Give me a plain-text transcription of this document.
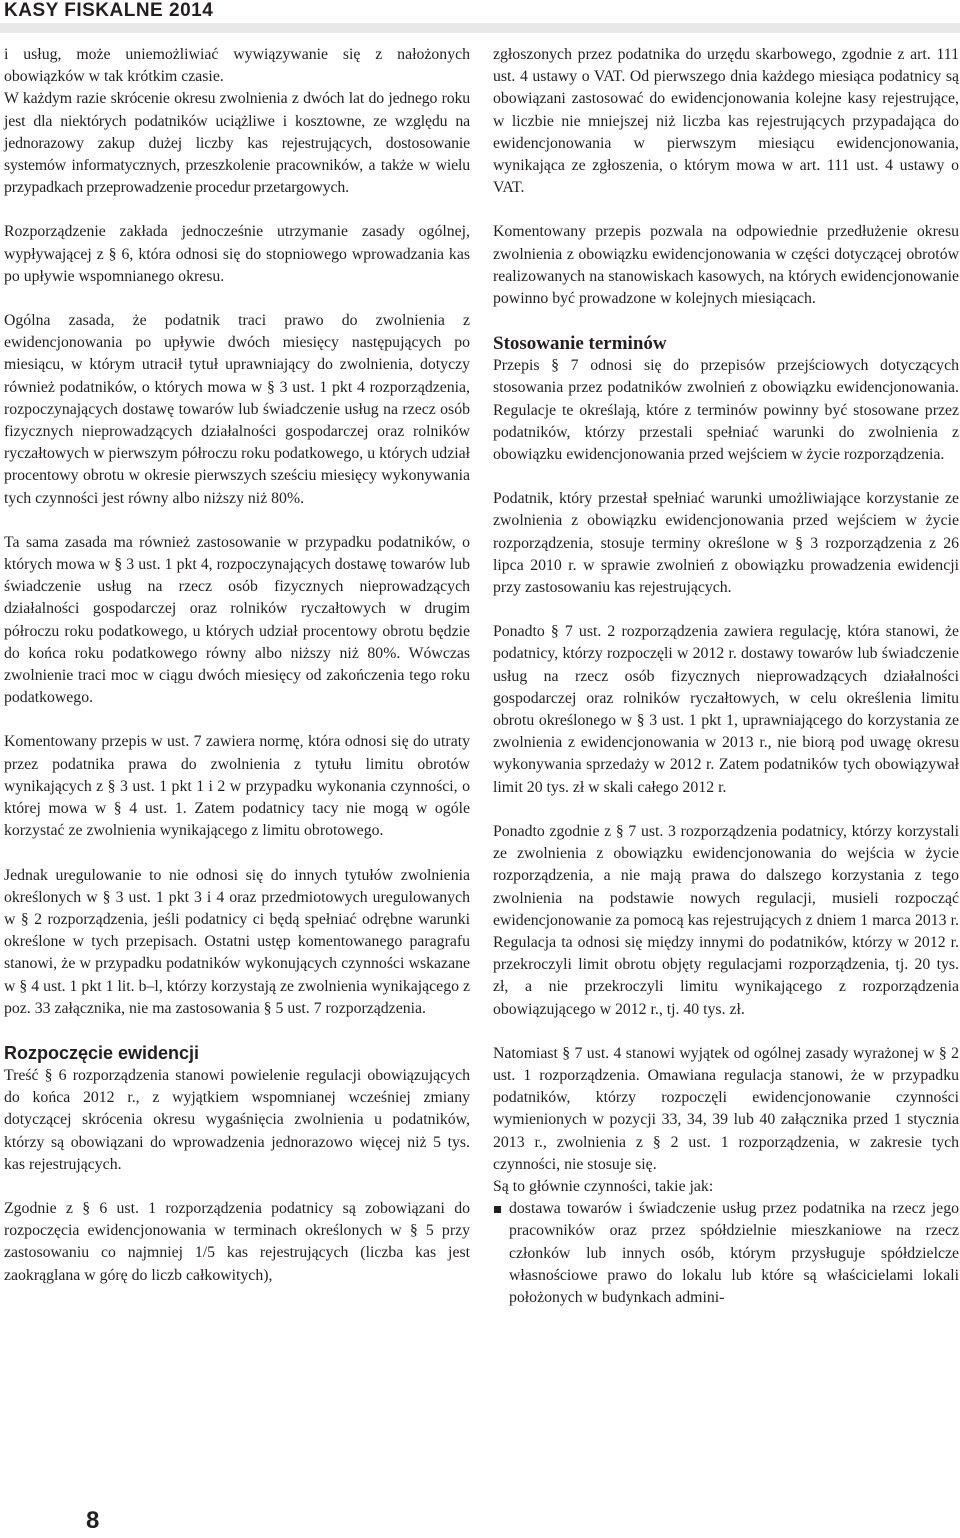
KASY FISKALNE 2014

i usług, może uniemożliwiać wywiązywanie się z nałożonych obowiązków w tak krótkim czasie.

W każdym razie skrócenie okresu zwolnienia z dwóch lat do jednego roku jest dla niektórych podatników uciążliwe i kosztowne, ze względu na jednorazowy zakup dużej liczby kas rejestrujących, dostosowanie systemów informatycznych, przeszkolenie pracowników, a także w wielu przypadkach przeprowadzenie procedur przetargowych.

Rozporządzenie zakłada jednocześnie utrzymanie zasady ogólnej, wypływającej z § 6, która odnosi się do stopniowego wprowadzania kas po upływie wspomnianego okresu.

Ogólna zasada, że podatnik traci prawo do zwolnienia z ewidencjonowania po upływie dwóch miesięcy następujących po miesiącu, w którym utracił tytuł uprawniający do zwolnienia, dotyczy również podatników, o których mowa w § 3 ust. 1 pkt 4 rozporządzenia, rozpoczynających dostawę towarów lub świadczenie usług na rzecz osób fizycznych nieprowadzących działalności gospodarczej oraz rolników ryczałtowych w pierwszym półroczu roku podatkowego, u których udział procentowy obrotu w okresie pierwszych sześciu miesięcy wykonywania tych czynności jest równy albo niższy niż 80%.

Ta sama zasada ma również zastosowanie w przypadku podatników, o których mowa w § 3 ust. 1 pkt 4, rozpoczynających dostawę towarów lub świadczenie usług na rzecz osób fizycznych nieprowadzących działalności gospodarczej oraz rolników ryczałtowych w drugim półroczu roku podatkowego, u których udział procentowy obrotu będzie do końca roku podatkowego równy albo niższy niż 80%. Wówczas zwolnienie traci moc w ciągu dwóch miesięcy od zakończenia tego roku podatkowego.

Komentowany przepis w ust. 7 zawiera normę, która odnosi się do utraty przez podatnika prawa do zwolnienia z tytułu limitu obrotów wynikających z § 3 ust. 1 pkt 1 i 2 w przypadku wykonania czynności, o której mowa w § 4 ust. 1. Zatem podatnicy tacy nie mogą w ogóle korzystać ze zwolnienia wynikającego z limitu obrotowego.

Jednak uregulowanie to nie odnosi się do innych tytułów zwolnienia określonych w § 3 ust. 1 pkt 3 i 4 oraz przedmiotowych uregulowanych w § 2 rozporządzenia, jeśli podatnicy ci będą spełniać odrębne warunki określone w tych przepisach. Ostatni ustęp komentowanego paragrafu stanowi, że w przypadku podatników wykonujących czynności wskazane w § 4 ust. 1 pkt 1 lit. b–l, którzy korzystają ze zwolnienia wynikającego z poz. 33 załącznika, nie ma zastosowania § 5 ust. 7 rozporządzenia.

Rozpoczęcie ewidencji

Treść § 6 rozporządzenia stanowi powielenie regulacji obowiązujących do końca 2012 r., z wyjątkiem wspomnianej wcześniej zmiany dotyczącej skrócenia okresu wygaśnięcia zwolnienia u podatników, którzy są obowiązani do wprowadzenia jednorazowo więcej niż 5 tys. kas rejestrujących.

Zgodnie z § 6 ust. 1 rozporządzenia podatnicy są zobowiązani do rozpoczęcia ewidencjonowania w terminach określonych w § 5 przy zastosowaniu co najmniej 1/5 kas rejestrujących (liczba kas jest zaokrąglana w górę do liczb całkowitych),

zgłoszonych przez podatnika do urzędu skarbowego, zgodnie z art. 111 ust. 4 ustawy o VAT. Od pierwszego dnia każdego miesiąca podatnicy są obowiązani zastosować do ewidencjonowania kolejne kasy rejestrujące, w liczbie nie mniejszej niż liczba kas rejestrujących przypadająca do ewidencjonowania w pierwszym miesiącu ewidencjonowania, wynikająca ze zgłoszenia, o którym mowa w art. 111 ust. 4 ustawy o VAT.

Komentowany przepis pozwala na odpowiednie przedłużenie okresu zwolnienia z obowiązku ewidencjonowania w części dotyczącej obrotów realizowanych na stanowiskach kasowych, na których ewidencjonowanie powinno być prowadzone w kolejnych miesiącach.

Stosowanie terminów

Przepis § 7 odnosi się do przepisów przejściowych dotyczących stosowania przez podatników zwolnień z obowiązku ewidencjonowania. Regulacje te określają, które z terminów powinny być stosowane przez podatników, którzy przestali spełniać warunki do zwolnienia z obowiązku ewidencjonowania przed wejściem w życie rozporządzenia.

Podatnik, który przestał spełniać warunki umożliwiające korzystanie ze zwolnienia z obowiązku ewidencjonowania przed wejściem w życie rozporządzenia, stosuje terminy określone w § 3 rozporządzenia z 26 lipca 2010 r. w sprawie zwolnień z obowiązku prowadzenia ewidencji przy zastosowaniu kas rejestrujących.

Ponadto § 7 ust. 2 rozporządzenia zawiera regulację, która stanowi, że podatnicy, którzy rozpoczęli w 2012 r. dostawy towarów lub świadczenie usług na rzecz osób fizycznych nieprowadzących działalności gospodarczej oraz rolników ryczałtowych, w celu określenia limitu obrotu określonego w § 3 ust. 1 pkt 1, uprawniającego do korzystania ze zwolnienia z ewidencjonowania w 2013 r., nie biorą pod uwagę okresu wykonywania sprzedaży w 2012 r. Zatem podatników tych obowiązywał limit 20 tys. zł w skali całego 2012 r.

Ponadto zgodnie z § 7 ust. 3 rozporządzenia podatnicy, którzy korzystali ze zwolnienia z obowiązku ewidencjonowania do wejścia w życie rozporządzenia, a nie mają prawa do dalszego korzystania z tego zwolnienia na podstawie nowych regulacji, musieli rozpocząć ewidencjonowanie za pomocą kas rejestrujących z dniem 1 marca 2013 r. Regulacja ta odnosi się między innymi do podatników, którzy w 2012 r. przekroczyli limit obrotu objęty regulacjami rozporządzenia, tj. 20 tys. zł, a nie przekroczyli limitu wynikającego z rozporządzenia obowiązującego w 2012 r., tj. 40 tys. zł.

Natomiast § 7 ust. 4 stanowi wyjątek od ogólnej zasady wyrażonej w § 2 ust. 1 rozporządzenia. Omawiana regulacja stanowi, że w przypadku podatników, którzy rozpoczęli ewidencjonowanie czynności wymienionych w pozycji 33, 34, 39 lub 40 załącznika przed 1 stycznia 2013 r., zwolnienia z § 2 ust. 1 rozporządzenia, w zakresie tych czynności, nie stosuje się.

Są to głównie czynności, takie jak:

dostawa towarów i świadczenie usług przez podatnika na rzecz jego pracowników oraz przez spółdzielnie mieszkaniowe na rzecz członków lub innych osób, którym przysługuje spółdzielcze własnościowe prawo do lokalu lub które są właścicielami lokali położonych w budynkach admini-
8
